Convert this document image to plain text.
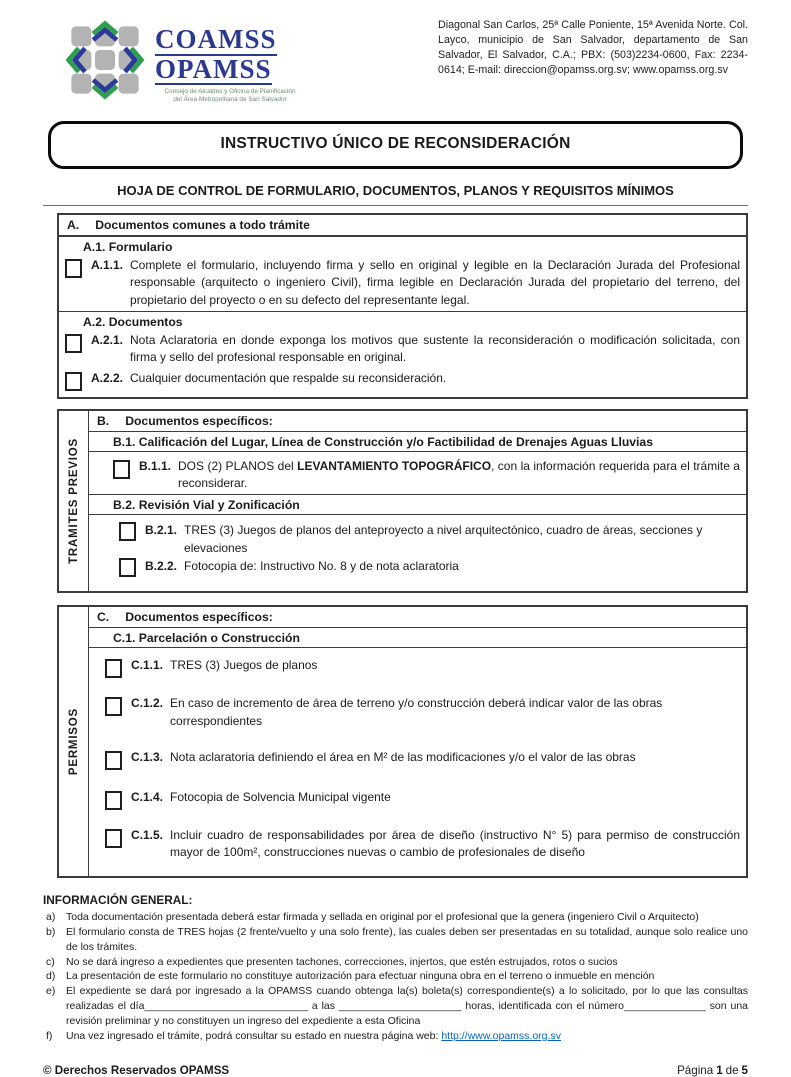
COAMSS
OPAMSS
Consejo de Alcaldes y Oficina de Planificación
del Área Metropolitana de San Salvador
Diagonal San Carlos, 25ª Calle Poniente, 15ª Avenida Norte. Col. Layco, municipio de San Salvador, departamento de San Salvador, El Salvador, C.A.; PBX: (503)2234-0600, Fax: 2234-0614; E-mail: direccion@opamss.org.sv; www.opamss.org.sv
INSTRUCTIVO ÚNICO DE RECONSIDERACIÓN
HOJA DE CONTROL DE FORMULARIO, DOCUMENTOS, PLANOS Y REQUISITOS MÍNIMOS
A. Documentos comunes a todo trámite
A.1. Formulario
A.1.1. Complete el formulario, incluyendo firma y sello en original y legible en la Declaración Jurada del Profesional responsable (arquitecto o ingeniero Civil), firma legible en Declaración Jurada del propietario del terreno, del propietario del proyecto o en su defecto del representante legal.
A.2. Documentos
A.2.1. Nota Aclaratoria en donde exponga los motivos que sustente la reconsideración o modificación solicitada, con firma y sello del profesional responsable en original.
A.2.2. Cualquier documentación que respalde su reconsideración.
TRAMITES PREVIOS
B. Documentos específicos:
B.1. Calificación del Lugar, Línea de Construcción y/o Factibilidad de Drenajes Aguas Lluvias
B.1.1. DOS (2) PLANOS del LEVANTAMIENTO TOPOGRÁFICO, con la información requerida para el trámite a reconsiderar.
B.2. Revisión Vial y Zonificación
B.2.1. TRES (3) Juegos de planos del anteproyecto a nivel arquitectónico, cuadro de áreas, secciones y elevaciones
B.2.2. Fotocopia de: Instructivo No. 8 y de nota aclaratoria
PERMISOS
C. Documentos específicos:
C.1. Parcelación o Construcción
C.1.1. TRES (3) Juegos de planos
C.1.2. En caso de incremento de área de terreno y/o construcción deberá indicar valor de las obras correspondientes
C.1.3. Nota aclaratoria definiendo el área en M² de las modificaciones y/o el valor de las obras
C.1.4. Fotocopia de Solvencia Municipal vigente
C.1.5. Incluir cuadro de responsabilidades por área de diseño (instructivo N° 5) para permiso de construcción mayor de 100m², construcciones nuevas o cambio de profesionales de diseño
INFORMACIÓN GENERAL:
a)	Toda documentación presentada deberá estar firmada y sellada en original por el profesional que la genera (ingeniero Civil o Arquitecto)
b)	El formulario consta de TRES hojas (2 frente/vuelto y una solo frente), las cuales deben ser presentadas en su totalidad, aunque solo realice uno de los trámites.
c)	No se dará ingreso a expedientes que presenten tachones, correcciones, injertos, que estén estrujados, rotos o sucios
d)	La presentación de este formulario no constituye autorización para efectuar ninguna obra en el terreno o inmueble en mención
e)	El expediente se dará por ingresado a la OPAMSS cuando obtenga la(s) boleta(s) correspondiente(s) a lo solicitado, por lo que las consultas realizadas el día____________________________ a las _____________________ horas, identificada con el número______________ son una revisión preliminar y no constituyen un ingreso del expediente a esta Oficina
f)	Una vez ingresado el trámite, podrá consultar su estado en nuestra página web: http://www.opamss.org.sv
© Derechos Reservados OPAMSS	Página 1 de 5
